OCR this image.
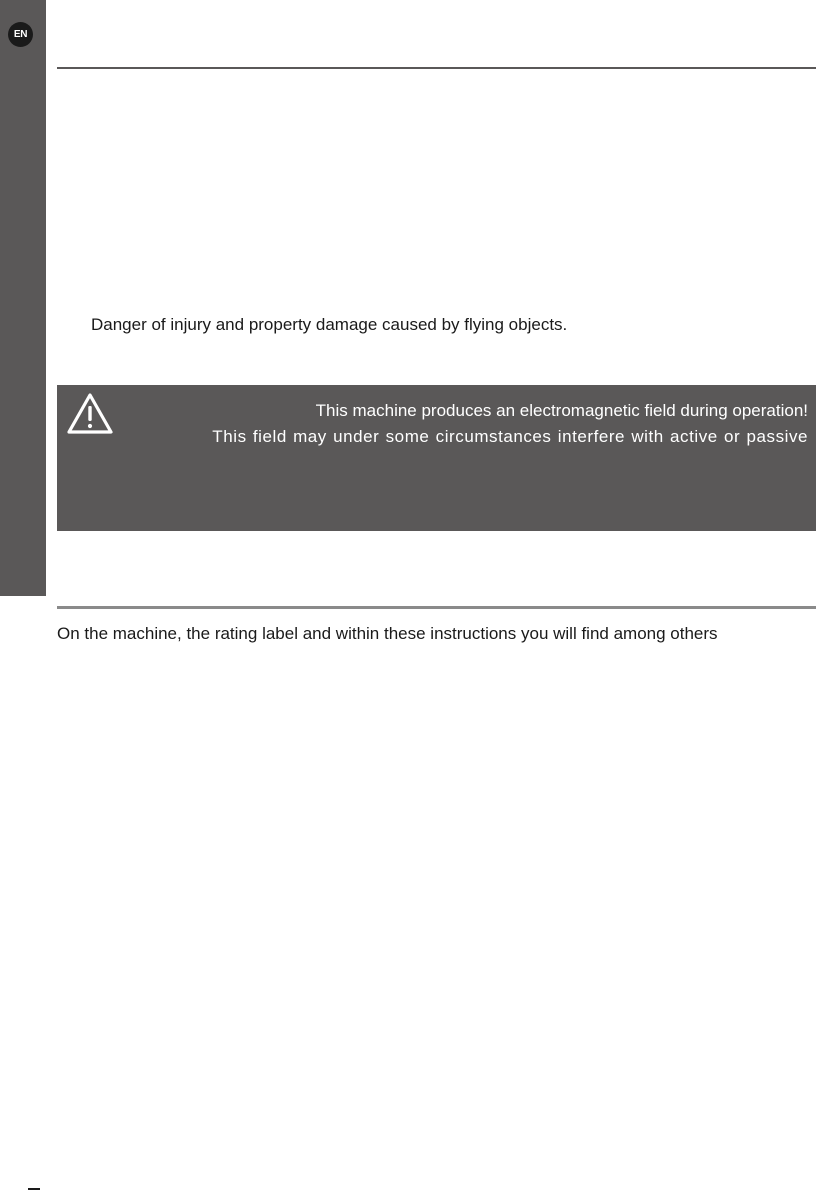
EN
Danger of injury and property damage caused by flying objects.
This machine produces an electromagnetic field during operation!
This field may under some circumstances interfere with active or passive
On the machine, the rating label and within these instructions you will find among others
